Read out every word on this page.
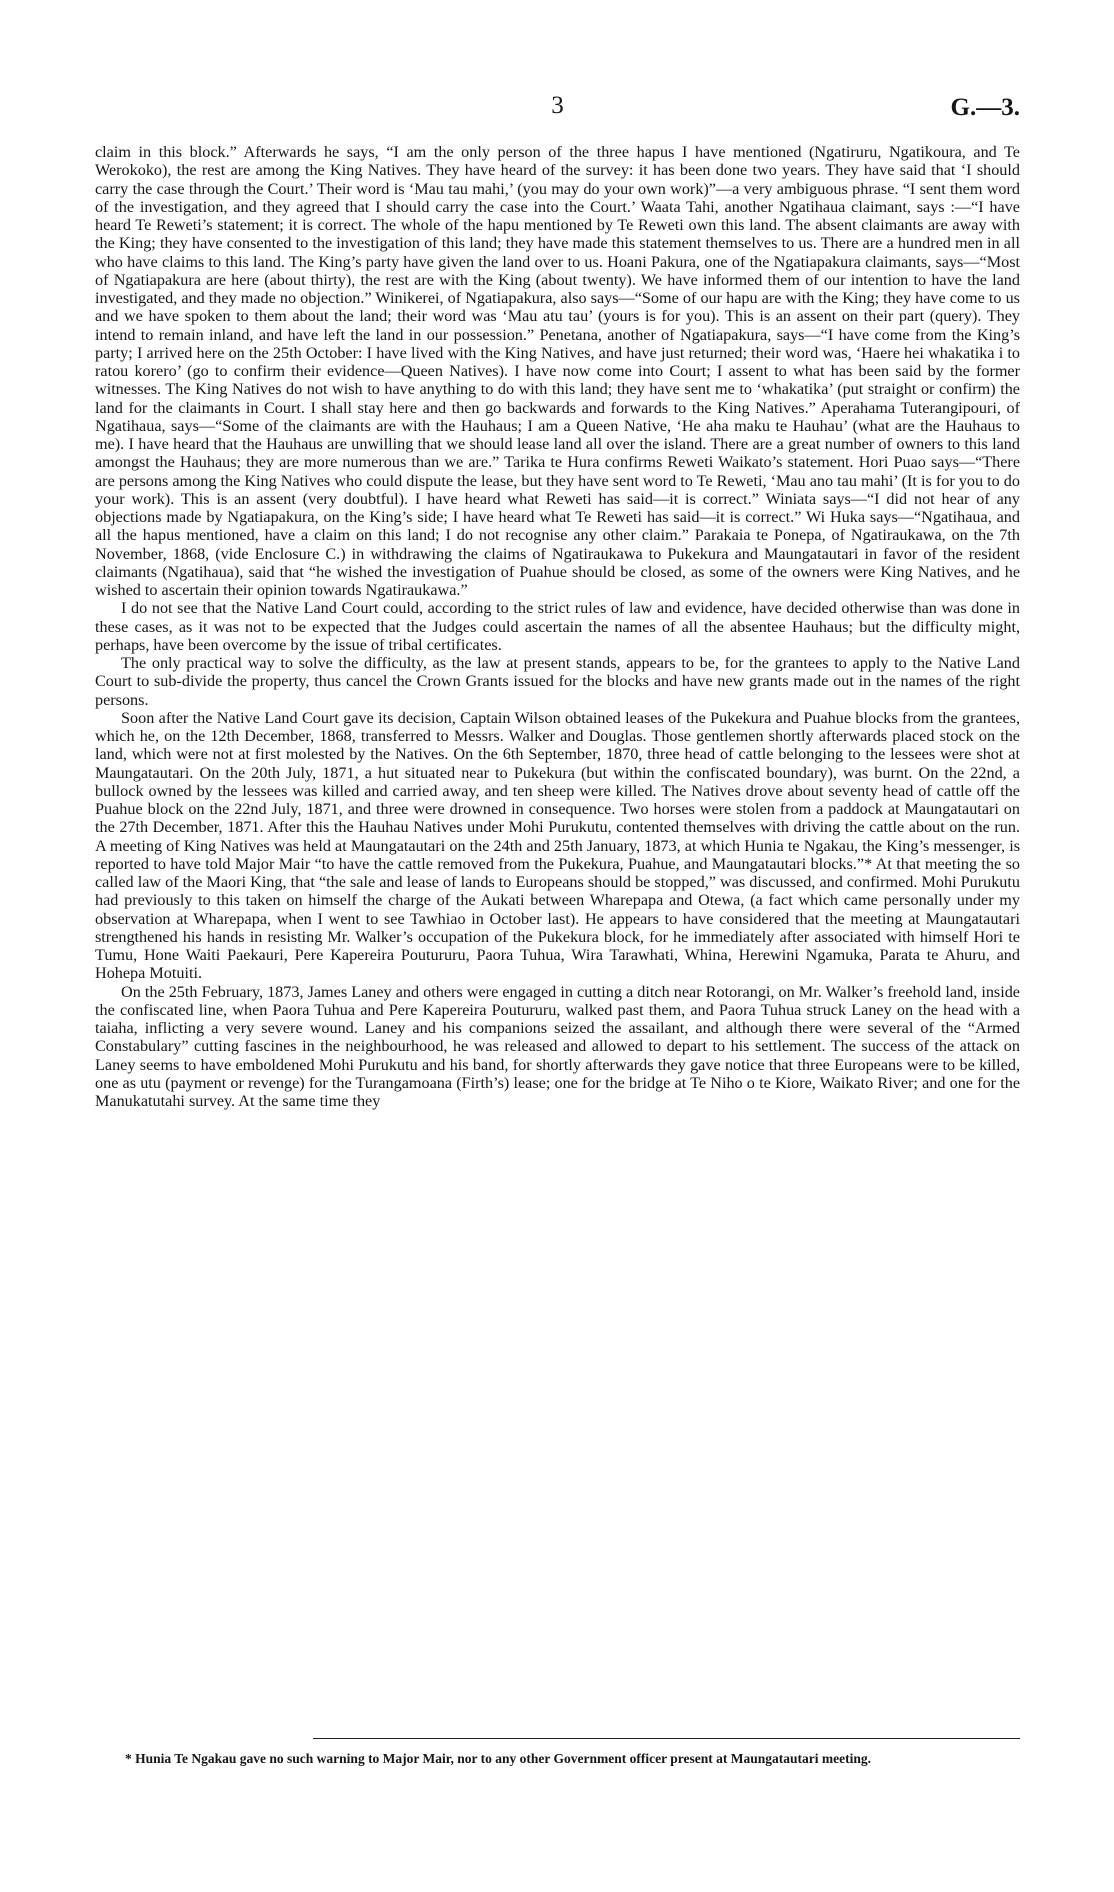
3	G.—3.

claim in this block.” Afterwards he says, “I am the only person of the three hapus I have mentioned (Ngatiruru, Ngatikoura, and Te Werokoko), the rest are among the King Natives. They have heard of the survey: it has been done two years. They have said that ‘I should carry the case through the Court.’ Their word is ‘Mau tau mahi,’ (you may do your own work)”—a very ambiguous phrase. “I sent them word of the investigation, and they agreed that I should carry the case into the Court.’ Waata Tahi, another Ngatihaua claimant, says :—“I have heard Te Reweti’s statement; it is correct. The whole of the hapu mentioned by Te Reweti own this land. The absent claimants are away with the King; they have consented to the investigation of this land; they have made this statement themselves to us. There are a hundred men in all who have claims to this land. The King’s party have given the land over to us. Hoani Pakura, one of the Ngatiapakura claimants, says—“Most of Ngatiapakura are here (about thirty), the rest are with the King (about twenty). We have informed them of our intention to have the land investigated, and they made no objection.” Winikerei, of Ngatiapakura, also says—“Some of our hapu are with the King; they have come to us and we have spoken to them about the land; their word was ‘Mau atu tau’ (yours is for you). This is an assent on their part (query). They intend to remain inland, and have left the land in our possession.” Penetana, another of Ngatiapakura, says—“I have come from the King’s party; I arrived here on the 25th October: I have lived with the King Natives, and have just returned; their word was, ‘Haere hei whakatika i to ratou korero’ (go to confirm their evidence—Queen Natives). I have now come into Court; I assent to what has been said by the former witnesses. The King Natives do not wish to have anything to do with this land; they have sent me to ‘whakatika’ (put straight or confirm) the land for the claimants in Court. I shall stay here and then go backwards and forwards to the King Natives.” Aperahama Tuterangipouri, of Ngatihaua, says—“Some of the claimants are with the Hauhaus; I am a Queen Native, ‘He aha maku te Hauhau’ (what are the Hauhaus to me). I have heard that the Hauhaus are unwilling that we should lease land all over the island. There are a great number of owners to this land amongst the Hauhaus; they are more numerous than we are.” Tarika te Hura confirms Reweti Waikato’s statement. Hori Puao says—“There are persons among the King Natives who could dispute the lease, but they have sent word to Te Reweti, ‘Mau ano tau mahi’ (It is for you to do your work). This is an assent (very doubtful). I have heard what Reweti has said—it is correct.” Winiata says—“I did not hear of any objections made by Ngatiapakura, on the King’s side; I have heard what Te Reweti has said—it is correct.” Wi Huka says—“Ngatihaua, and all the hapus mentioned, have a claim on this land; I do not recognise any other claim.” Parakaia te Ponepa, of Ngatiraukawa, on the 7th November, 1868, (vide Enclosure C.) in withdrawing the claims of Ngatiraukawa to Pukekura and Maungatautari in favor of the resident claimants (Ngatihaua), said that “he wished the investigation of Puahue should be closed, as some of the owners were King Natives, and he wished to ascertain their opinion towards Ngatiraukawa.”

I do not see that the Native Land Court could, according to the strict rules of law and evidence, have decided otherwise than was done in these cases, as it was not to be expected that the Judges could ascertain the names of all the absentee Hauhaus; but the difficulty might, perhaps, have been overcome by the issue of tribal certificates.

The only practical way to solve the difficulty, as the law at present stands, appears to be, for the grantees to apply to the Native Land Court to sub-divide the property, thus cancel the Crown Grants issued for the blocks and have new grants made out in the names of the right persons.

Soon after the Native Land Court gave its decision, Captain Wilson obtained leases of the Pukekura and Puahue blocks from the grantees, which he, on the 12th December, 1868, transferred to Messrs. Walker and Douglas. Those gentlemen shortly afterwards placed stock on the land, which were not at first molested by the Natives. On the 6th September, 1870, three head of cattle belonging to the lessees were shot at Maungatautari. On the 20th July, 1871, a hut situated near to Pukekura (but within the confiscated boundary), was burnt. On the 22nd, a bullock owned by the lessees was killed and carried away, and ten sheep were killed. The Natives drove about seventy head of cattle off the Puahue block on the 22nd July, 1871, and three were drowned in consequence. Two horses were stolen from a paddock at Maungatautari on the 27th December, 1871. After this the Hauhau Natives under Mohi Purukutu, contented themselves with driving the cattle about on the run. A meeting of King Natives was held at Maungatautari on the 24th and 25th January, 1873, at which Hunia te Ngakau, the King’s messenger, is reported to have told Major Mair “to have the cattle removed from the Pukekura, Puahue, and Maungatautari blocks.”* At that meeting the so called law of the Maori King, that “the sale and lease of lands to Europeans should be stopped,” was discussed, and confirmed. Mohi Purukutu had previously to this taken on himself the charge of the Aukati between Wharepapa and Otewa, (a fact which came personally under my observation at Wharepapa, when I went to see Tawhiao in October last). He appears to have considered that the meeting at Maungatautari strengthened his hands in resisting Mr. Walker’s occupation of the Pukekura block, for he immediately after associated with himself Hori te Tumu, Hone Waiti Paekauri, Pere Kapereira Poutururu, Paora Tuhua, Wira Tarawhati, Whina, Herewini Ngamuka, Parata te Ahuru, and Hohepa Motuiti.

On the 25th February, 1873, James Laney and others were engaged in cutting a ditch near Rotorangi, on Mr. Walker’s freehold land, inside the confiscated line, when Paora Tuhua and Pere Kapereira Poutururu, walked past them, and Paora Tuhua struck Laney on the head with a taiaha, inflicting a very severe wound. Laney and his companions seized the assailant, and although there were several of the “Armed Constabulary” cutting fascines in the neighbourhood, he was released and allowed to depart to his settlement. The success of the attack on Laney seems to have emboldened Mohi Purukutu and his band, for shortly afterwards they gave notice that three Europeans were to be killed, one as utu (payment or revenge) for the Turangamoana (Firth’s) lease; one for the bridge at Te Niho o te Kiore, Waikato River; and one for the Manukatutahi survey. At the same time they

* Hunia Te Ngakau gave no such warning to Major Mair, nor to any other Government officer present at Maungatautari meeting.
